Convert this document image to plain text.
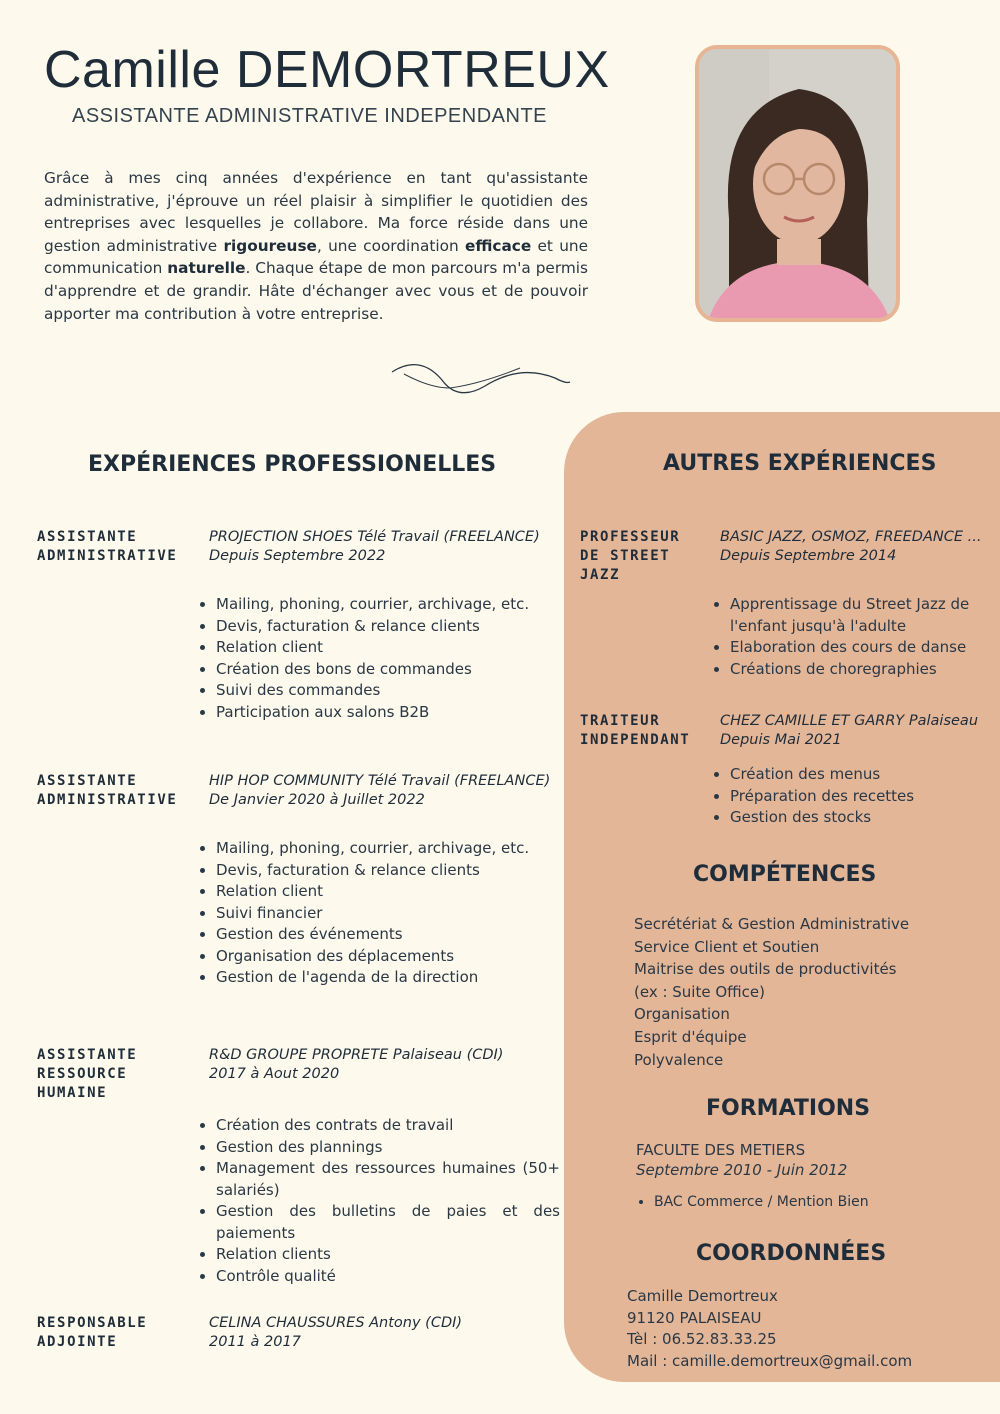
Camille DEMORTREUX
ASSISTANTE ADMINISTRATIVE INDEPENDANTE

Grâce à mes cinq années d'expérience en tant qu'assistante administrative, j'éprouve un réel plaisir à simplifier le quotidien des entreprises avec lesquelles je collabore. Ma force réside dans une gestion administrative rigoureuse, une coordination efficace et une communication naturelle. Chaque étape de mon parcours m'a permis d'apprendre et de grandir. Hâte d'échanger avec vous et de pouvoir apporter ma contribution à votre entreprise.

EXPÉRIENCES PROFESSIONELLES
ASSISTANTE
ADMINISTRATIVE
PROJECTION SHOES Télé Travail (FREELANCE)
Depuis Septembre 2022
• Mailing, phoning, courrier, archivage, etc.
• Devis, facturation & relance clients
• Relation client
• Création des bons de commandes
• Suivi des commandes
• Participation aux salons B2B
ASSISTANTE
ADMINISTRATIVE
HIP HOP COMMUNITY Télé Travail (FREELANCE)
De Janvier 2020 à Juillet 2022
• Mailing, phoning, courrier, archivage, etc.
• Devis, facturation & relance clients
• Relation client
• Suivi financier
• Gestion des événements
• Organisation des déplacements
• Gestion de l'agenda de la direction
ASSISTANTE
RESSOURCE
HUMAINE
R&D GROUPE PROPRETE Palaiseau (CDI)
2017 à Aout 2020
• Création des contrats de travail
• Gestion des plannings
• Management des ressources humaines (50+ salariés)
• Gestion des bulletins de paies et des paiements
• Relation clients
• Contrôle qualité
RESPONSABLE
ADJOINTE
CELINA CHAUSSURES Antony (CDI)
2011 à 2017
AUTRES EXPÉRIENCES
PROFESSEUR
DE STREET
JAZZ
BASIC JAZZ, OSMOZ, FREEDANCE ...
Depuis Septembre 2014
• Apprentissage du Street Jazz de l'enfant jusqu'à l'adulte
• Elaboration des cours de danse
• Créations de choregraphies
TRAITEUR
INDEPENDANT
CHEZ CAMILLE ET GARRY Palaiseau
Depuis Mai 2021
• Création des menus
• Préparation des recettes
• Gestion des stocks
COMPÉTENCES
Secrétériat & Gestion Administrative
Service Client et Soutien
Maitrise des outils de productivités
(ex : Suite Office)
Organisation
Esprit d'équipe
Polyvalence
FORMATIONS
FACULTE DES METIERS
Septembre 2010 - Juin 2012
• BAC Commerce / Mention Bien
COORDONNÉES
Camille Demortreux
91120 PALAISEAU
Tèl : 06.52.83.33.25
Mail : camille.demortreux@gmail.com
